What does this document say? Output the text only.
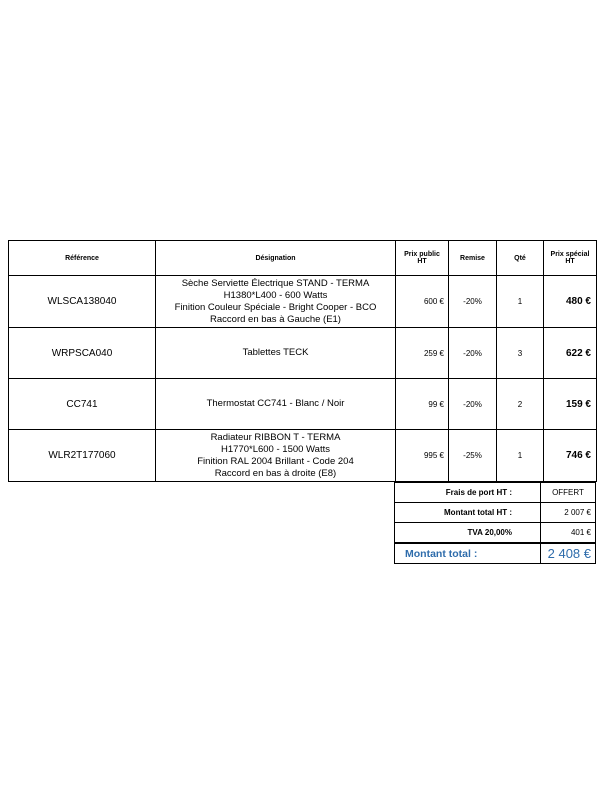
Référence	Désignation	Prix public HT	Remise	Qté	Prix spécial HT
WLSCA138040	Sèche Serviette Électrique STAND - TERMA
H1380*L400 - 600 Watts
Finition Couleur Spéciale - Bright Cooper - BCO
Raccord en bas à Gauche (E1)	600 €	-20%	1	480 €
WRPSCA040	Tablettes TECK	259 €	-20%	3	622 €
CC741	Thermostat CC741 - Blanc / Noir	99 €	-20%	2	159 €
WLR2T177060	Radiateur RIBBON T - TERMA
H1770*L600 - 1500 Watts
Finition RAL 2004 Brillant - Code 204
Raccord en bas à droite (E8)	995 €	-25%	1	746 €
Frais de port HT :	OFFERT
Montant total HT :	2 007 €
TVA 20,00%	401 €
Montant total :	2 408 €
